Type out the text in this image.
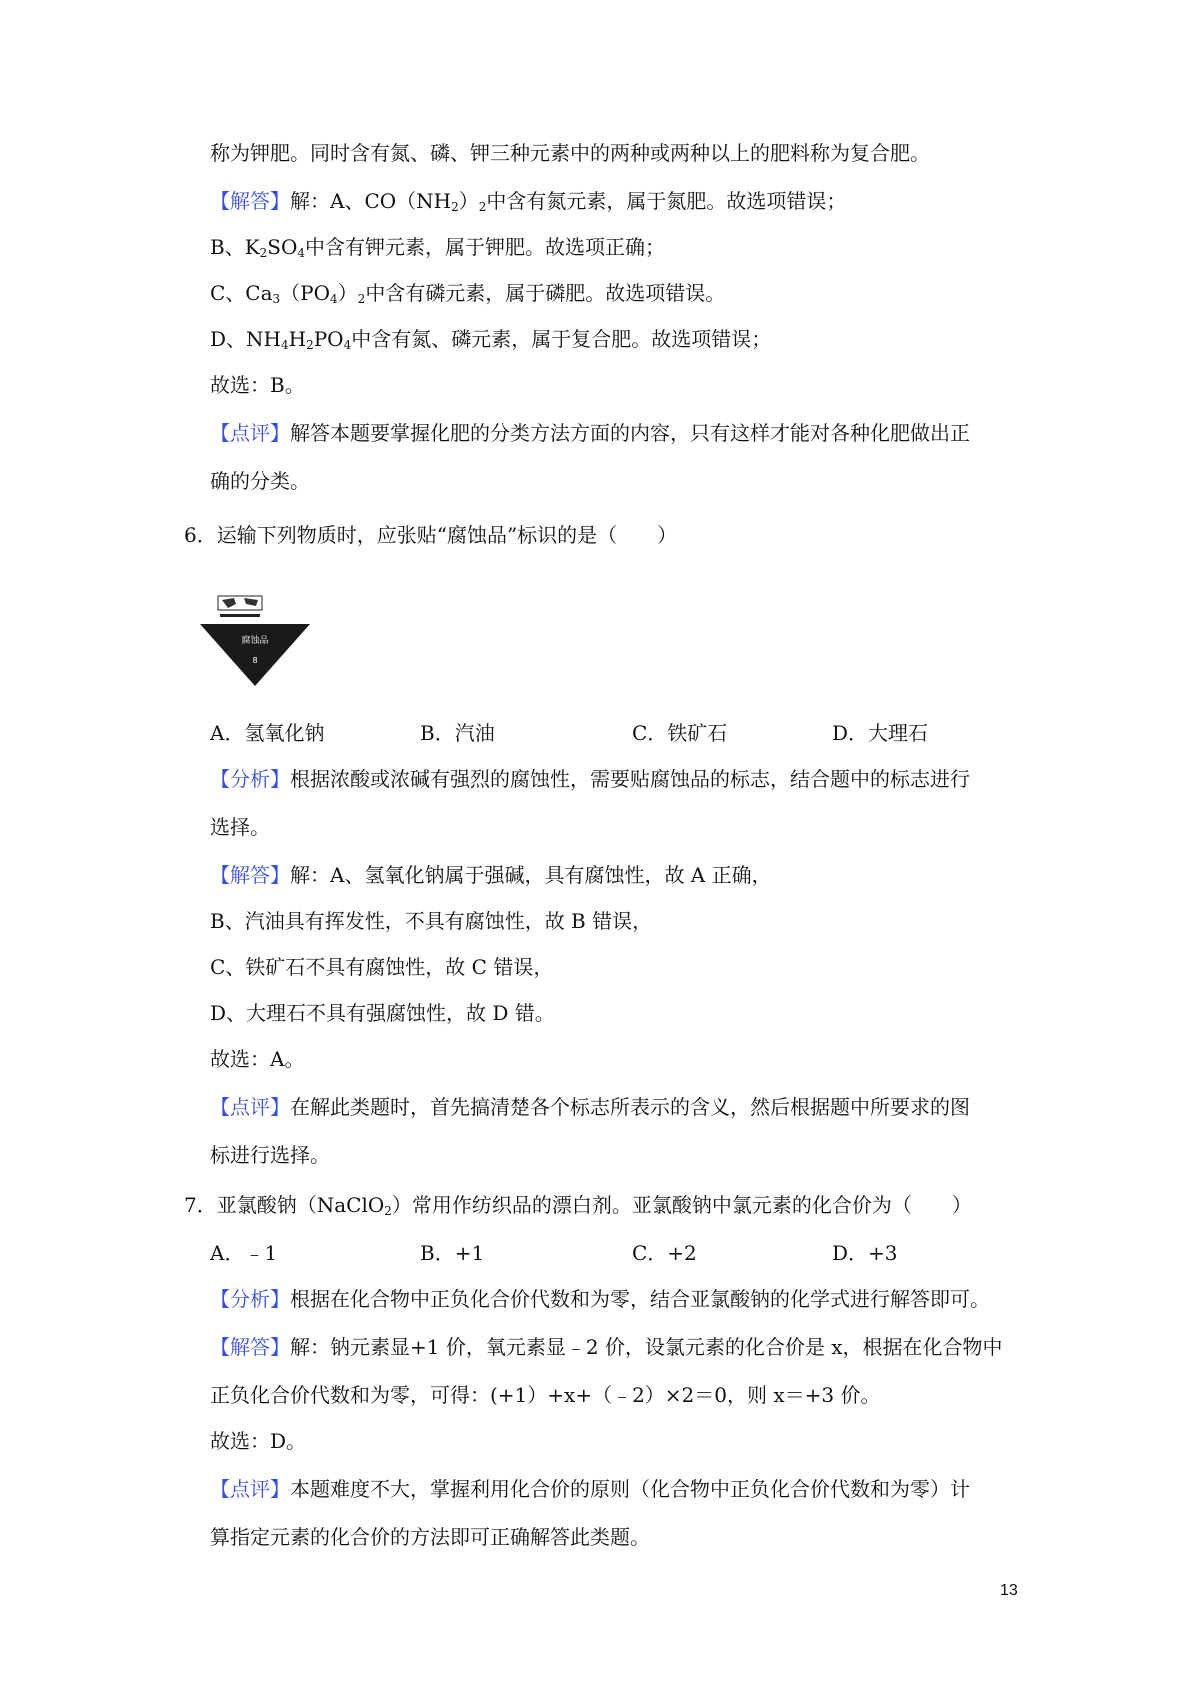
称为钾肥。同时含有氮、磷、钾三种元素中的两种或两种以上的肥料称为复合肥。
【解答】解：A、$CO(NH_2)_2$中含有氮元素，属于氮肥。故选项错误；
B、$K_2SO_4$中含有钾元素，属于钾肥。故选项正确；
C、$Ca_3(PO_4)_2$中含有磷元素，属于磷肥。故选项错误。
D、$NH_4H_2PO_4$中含有氮、磷元素，属于复合肥。故选项错误；
故选：B。
【点评】解答本题要掌握化肥的分类方法方面的内容，只有这样才能对各种化肥做出正
确的分类。
6．运输下列物质时，应张贴“腐蚀品”标识的是（　　）
腐蚀品
8
A．氢氧化钠	B．汽油	C．铁矿石	D．大理石
【分析】根据浓酸或浓碱有强烈的腐蚀性，需要贴腐蚀品的标志，结合题中的标志进行
选择。
【解答】解：A、氢氧化钠属于强碱，具有腐蚀性，故 A 正确，
B、汽油具有挥发性，不具有腐蚀性，故 B 错误，
C、铁矿石不具有腐蚀性，故 C 错误，
D、大理石不具有强腐蚀性，故 D 错。
故选：A。
【点评】在解此类题时，首先搞清楚各个标志所表示的含义，然后根据题中所要求的图
标进行选择。
7．亚氯酸钠（NaClO$_2$）常用作纺织品的漂白剂。亚氯酸钠中氯元素的化合价为（　　）
A．﹣1	B．+1	C．+2	D．+3
【分析】根据在化合物中正负化合价代数和为零，结合亚氯酸钠的化学式进行解答即可。
【解答】解：钠元素显+1 价，氧元素显﹣2 价，设氯元素的化合价是 x，根据在化合物中
正负化合价代数和为零，可得：(+1）+x+（﹣2）×2＝0，则 x＝+3 价。
故选：D。
【点评】本题难度不大，掌握利用化合价的原则（化合物中正负化合价代数和为零）计
算指定元素的化合价的方法即可正确解答此类题。
13
